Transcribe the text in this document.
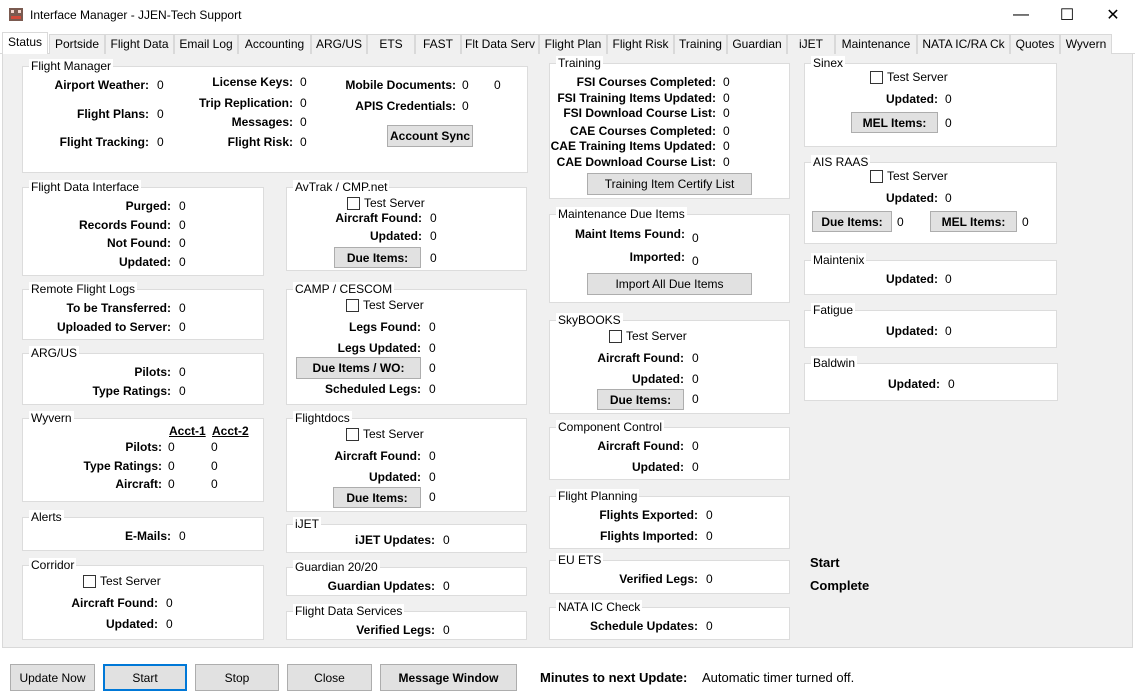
Interface Manager - JJEN-Tech Support	— ☐ ✕
Status	Portside Flight Data Email Log	Accounting ARG/US	ETS	FAST Flt Data Serv Flight Plan Flight Risk Training Guardian	iJET	Maintenance	NATA IC/RA Ck Quotes Wyvern
Flight Manager
Airport Weather: 0
Flight Plans: 0
Flight Tracking: 0
License Keys: 0
Trip Replication: 0
Messages: 0
Flight Risk: 0
Mobile Documents: 0 0
APIS Credentials: 0
Account Sync
Flight Data Interface
Purged: 0
Records Found: 0
Not Found: 0
Updated: 0
Remote Flight Logs
To be Transferred: 0
Uploaded to Server: 0
ARG/US
Pilots: 0
Type Ratings: 0
Wyvern
Acct-1 Acct-2
Pilots: 0	0
Type Ratings: 0	0
Aircraft: 0	0
Alerts
E-Mails: 0
Corridor
Test Server
Aircraft Found: 0
Updated: 0
AvTrak / CMP.net
Test Server
Aircraft Found: 0
Updated: 0
Due Items:	0
CAMP / CESCOM
Test Server
Legs Found: 0
Legs Updated: 0
Due Items / WO:	0
Scheduled Legs: 0
Flightdocs
Test Server
Aircraft Found: 0
Updated: 0
Due Items:	0
iJET
iJET Updates: 0
Guardian 20/20
Guardian Updates: 0
Flight Data Services
Verified Legs: 0
Training
FSI Courses Completed: 0
FSI Training Items Updated: 0
FSI Download Course List: 0
CAE Courses Completed: 0
CAE Training Items Updated: 0
CAE Download Course List: 0
Training Item Certify List
Maintenance Due Items
Maint Items Found: 0
Imported: 0
Import All Due Items
SkyBOOKS
Test Server
Aircraft Found: 0
Updated: 0
Due Items:	0
Component Control
Aircraft Found: 0
Updated: 0
Flight Planning
Flights Exported: 0
Flights Imported: 0
EU ETS
Verified Legs: 0
NATA IC Check
Schedule Updates: 0
Sinex
Test Server
Updated: 0
MEL Items:	0
AIS RAAS
Test Server
Updated: 0
Due Items:	0	MEL Items:	0
Maintenix
Updated: 0
Fatigue
Updated: 0
Baldwin
Updated: 0
Start
Complete
Update Now	Start	Stop	Close	Message Window	Minutes to next Update: Automatic timer turned off.
